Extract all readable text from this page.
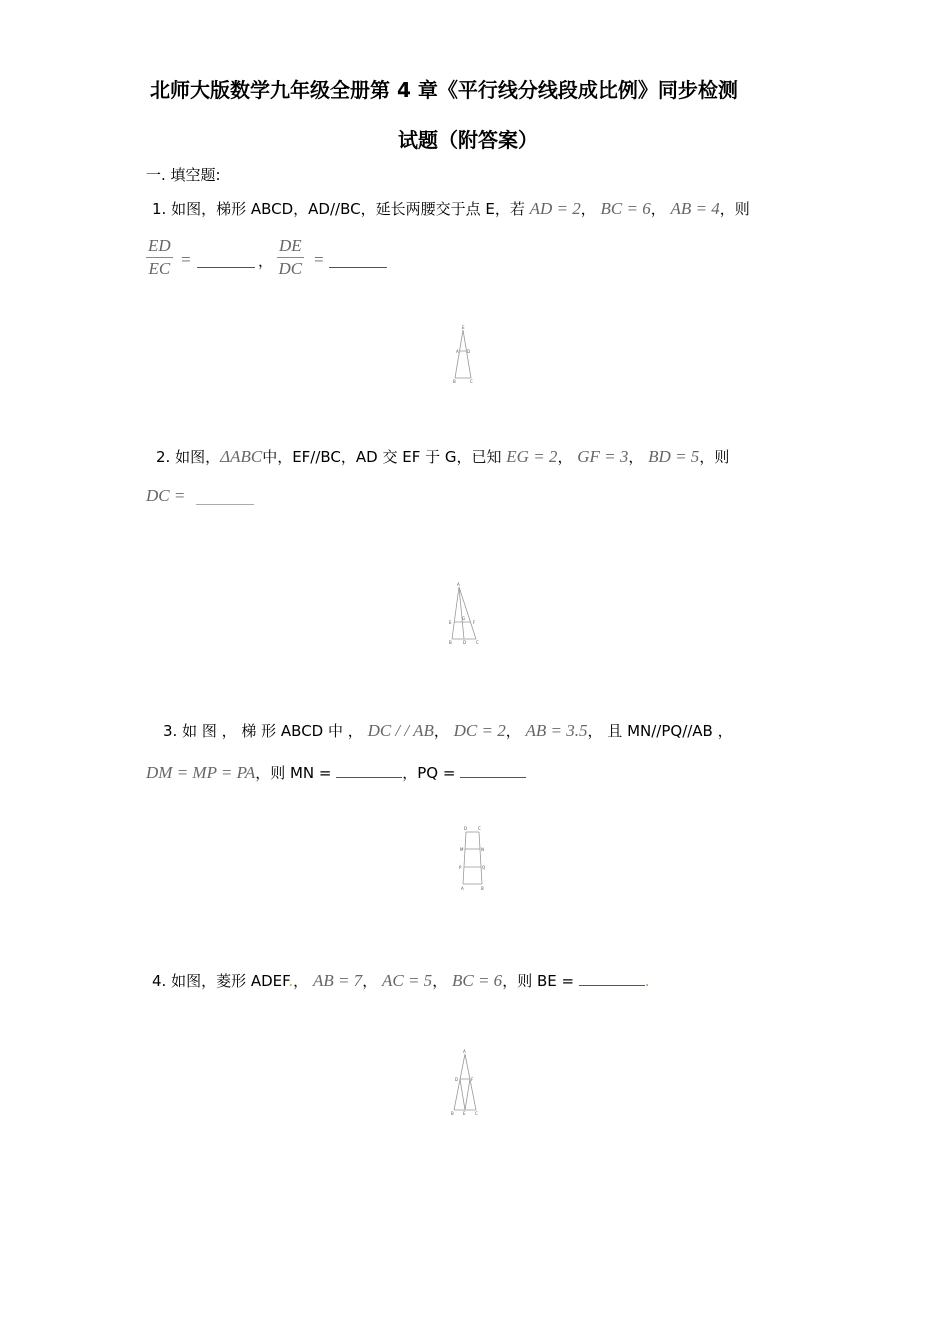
北师大版数学九年级全册第 4 章《平行线分线段成比例》同步检测
试题（附答案）
一. 填空题:
1. 如图，梯形 ABCD，AD//BC，延长两腰交于点 E，若 AD = 2， BC = 6， AB = 4，则
$\frac{ED}{EC}$ =	， $\frac{DE}{DC}$ =
E
A D
B	C
2. 如图，ΔABC中，EF//BC，AD 交 EF 于 G，已知 EG = 2， GF = 3， BD = 5，则
DC =
A
E
G
F
B	D C
3. 如 图 ， 梯 形 ABCD 中 ， DC / / AB， DC = 2， AB = 3.5， 且 MN//PQ//AB ，
DM = MP = PA，则 MN =	，PQ =
D	C
M	N
P	Q
A	B
4. 如图，菱形 ADEF.， AB = 7， AC = 5， BC = 6，则 BE =	.
A
D	F
B E C
